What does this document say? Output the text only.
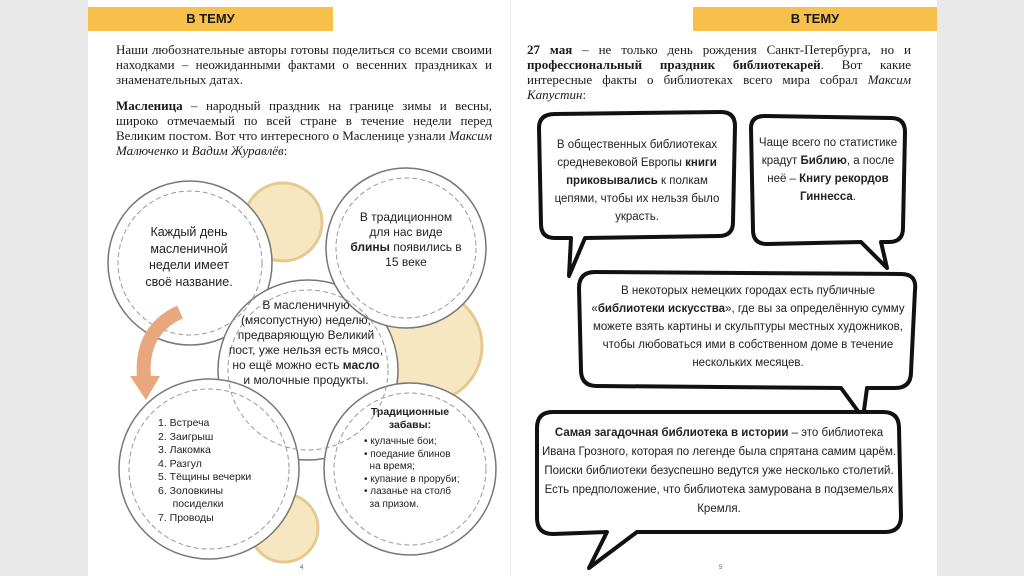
В ТЕМУ

Наши любознательные авторы готовы поделиться со всеми своими находками – неожиданными фактами о весенних праздниках и знаменательных датах.

Масленица – народный праздник на границе зимы и весны, широко отмечаемый по всей стране в течение недели перед Великим постом. Вот что интересного о Масленице узнали Максим Малюченко и Вадим Журавлёв:

Каждый день масленичной недели имеет своё название.
В традиционном для нас виде блины появились в 15 веке
В масленичную (мясопустную) неделю, предваряющую Великий пост, уже нельзя есть мясо, но ещё можно есть масло и молочные продукты.
1. Встреча
2. Заигрыш
3. Лакомка
4. Разгул
5. Тёщины вечерки
6. Золовкины
посиделки
7. Проводы
Традиционные забавы:
• кулачные бои;
• поедание блинов
на время;
• купание в проруби;
• лазанье на столб
за призом.
4
В ТЕМУ

27 мая – не только день рождения Санкт-Петербурга, но и профессиональный праздник библиотекарей. Вот какие интересные факты о библиотеках всего мира собрал Максим Капустин:

В общественных библиотеках средневековой Европы книги приковывались к полкам цепями, чтобы их нельзя было украсть.
Чаще всего по статистике крадут Библию, а после неё – Книгу рекордов Гиннесса.
В некоторых немецких городах есть публичные «библиотеки искусства», где вы за определённую сумму можете взять картины и скульптуры местных художников, чтобы любоваться ими в собственном доме в течение нескольких месяцев.
Самая загадочная библиотека в истории – это библиотека Ивана Грозного, которая по легенде была спрятана самим царём. Поиски библиотеки безуспешно ведутся уже несколько столетий. Есть предположение, что библиотека замурована в подземельях Кремля.
5
